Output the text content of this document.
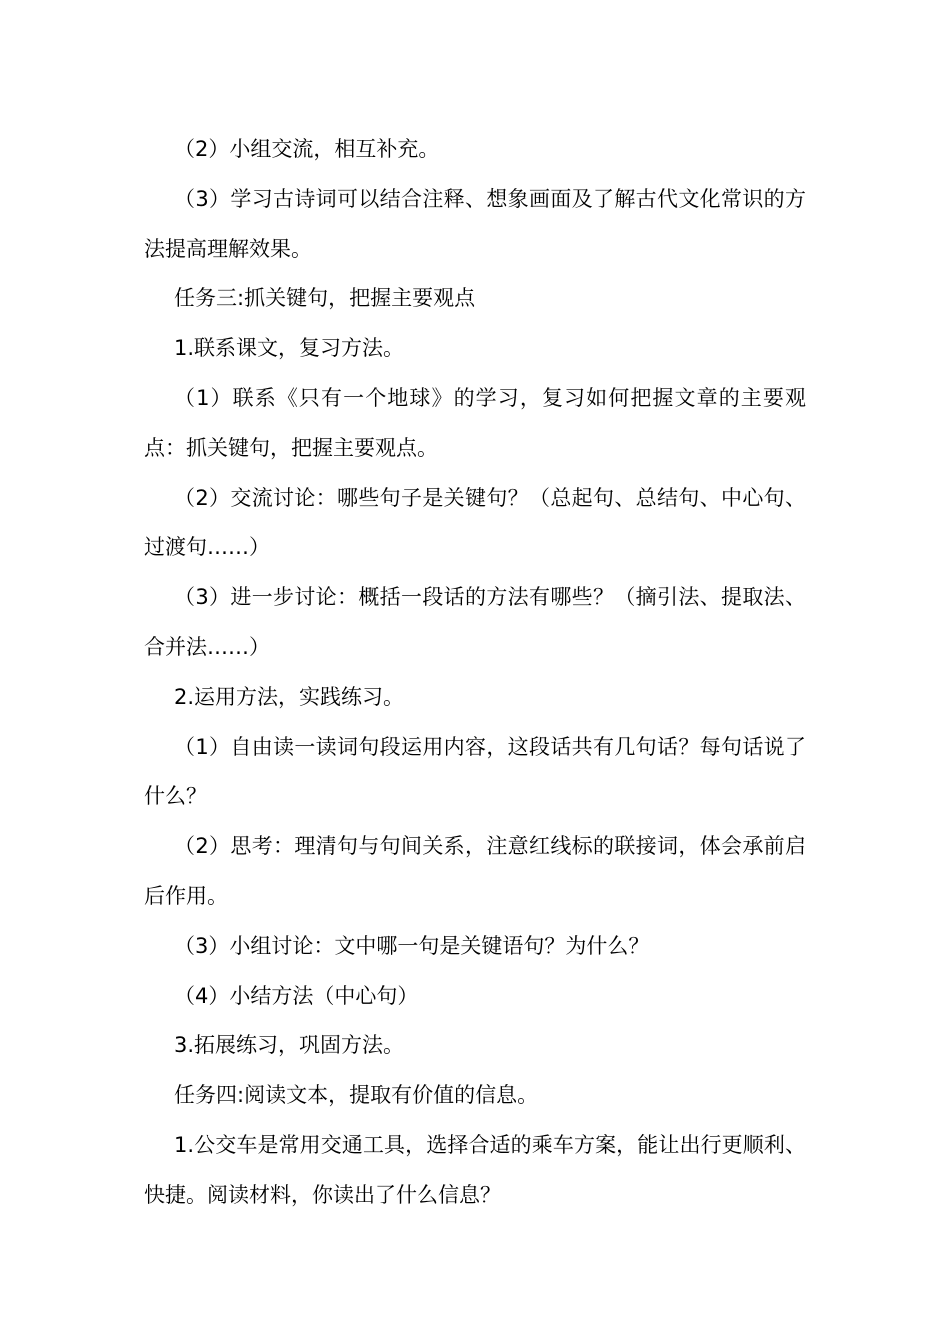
（2）小组交流，相互补充。

（3）学习古诗词可以结合注释、想象画面及了解古代文化常识的方法提高理解效果。

任务三:抓关键句，把握主要观点

1.联系课文，复习方法。

（1）联系《只有一个地球》的学习，复习如何把握文章的主要观点：抓关键句，把握主要观点。

（2）交流讨论：哪些句子是关键句？（总起句、总结句、中心句、过渡句……）

（3）进一步讨论：概括一段话的方法有哪些？（摘引法、提取法、合并法……）

2.运用方法，实践练习。

（1）自由读一读词句段运用内容，这段话共有几句话？每句话说了什么？

（2）思考：理清句与句间关系，注意红线标的联接词，体会承前启后作用。

（3）小组讨论：文中哪一句是关键语句？为什么？

（4）小结方法（中心句）

3.拓展练习，巩固方法。

任务四:阅读文本，提取有价值的信息。

1.公交车是常用交通工具，选择合适的乘车方案，能让出行更顺利、快捷。阅读材料，你读出了什么信息？
